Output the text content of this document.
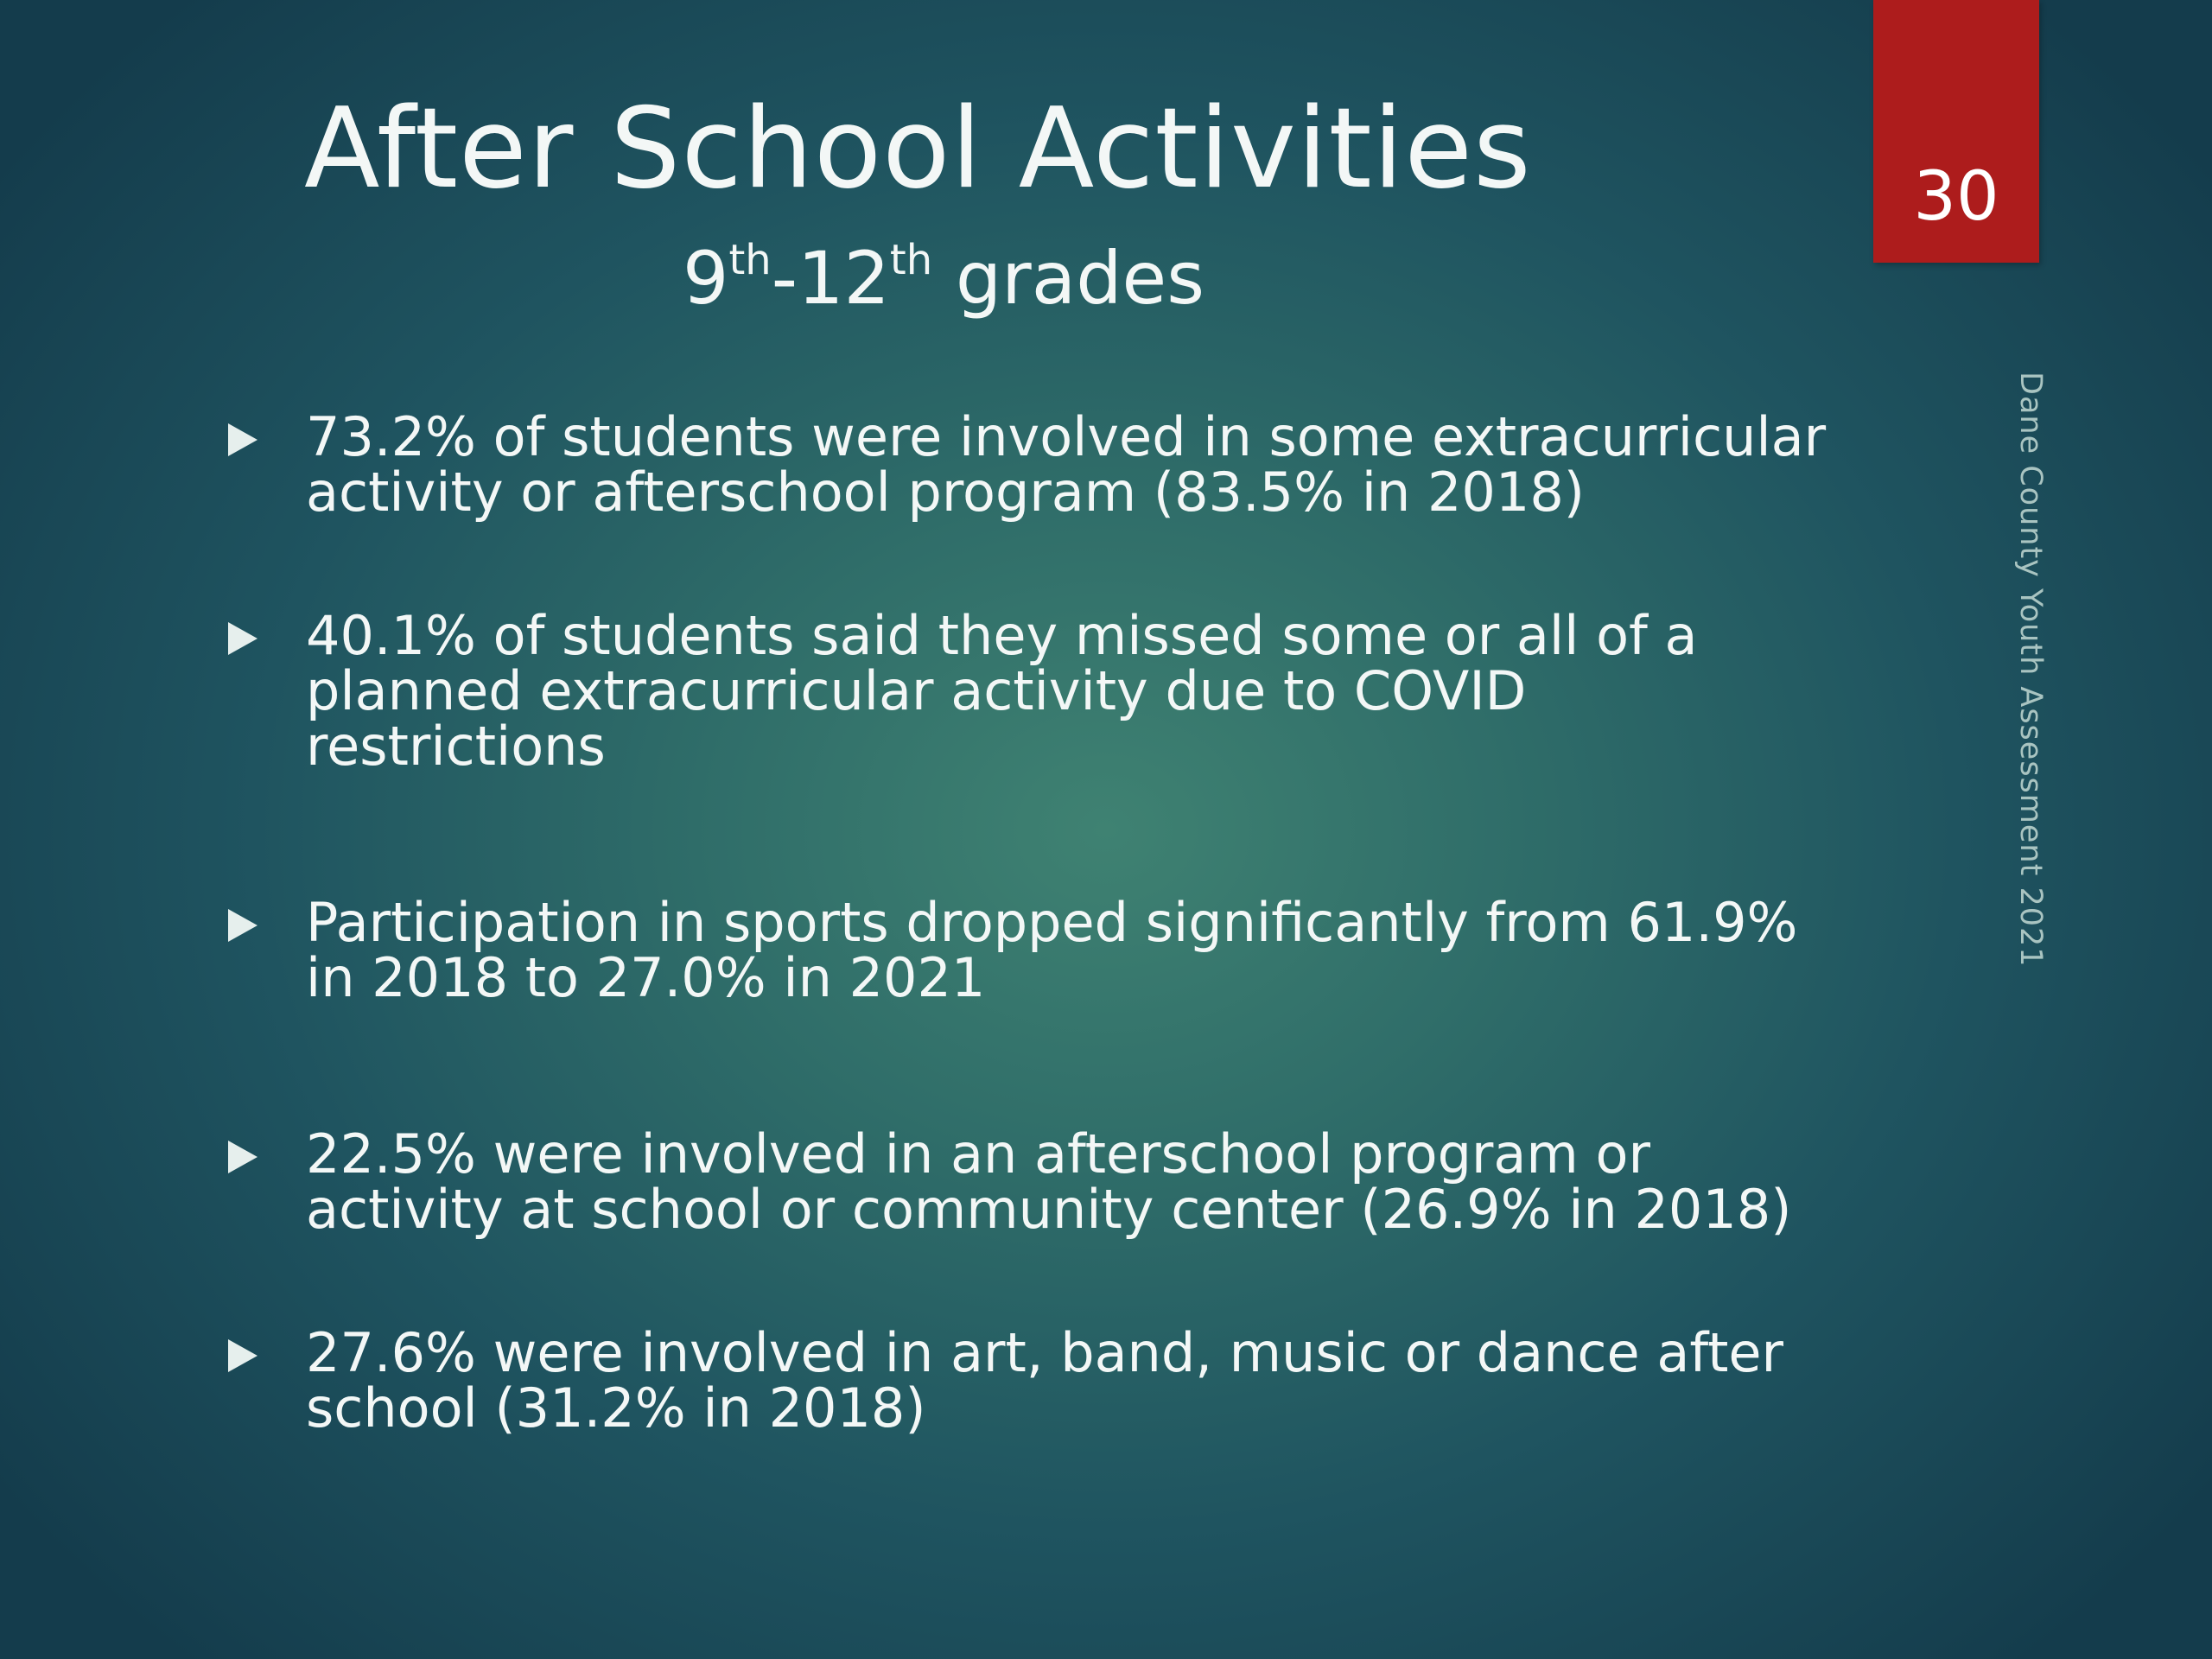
30
After School Activities
9th-12th grades
Dane County Youth Assessment 2021
73.2% of students were involved in some extracurricular activity or afterschool program (83.5% in 2018)
40.1% of students said they missed some or all of a planned extracurricular activity due to COVID restrictions
Participation in sports dropped significantly from 61.9% in 2018 to 27.0% in 2021
22.5% were involved in an afterschool program or activity at school or community center (26.9% in 2018)
27.6% were involved in art, band, music or dance after school (31.2% in 2018)
